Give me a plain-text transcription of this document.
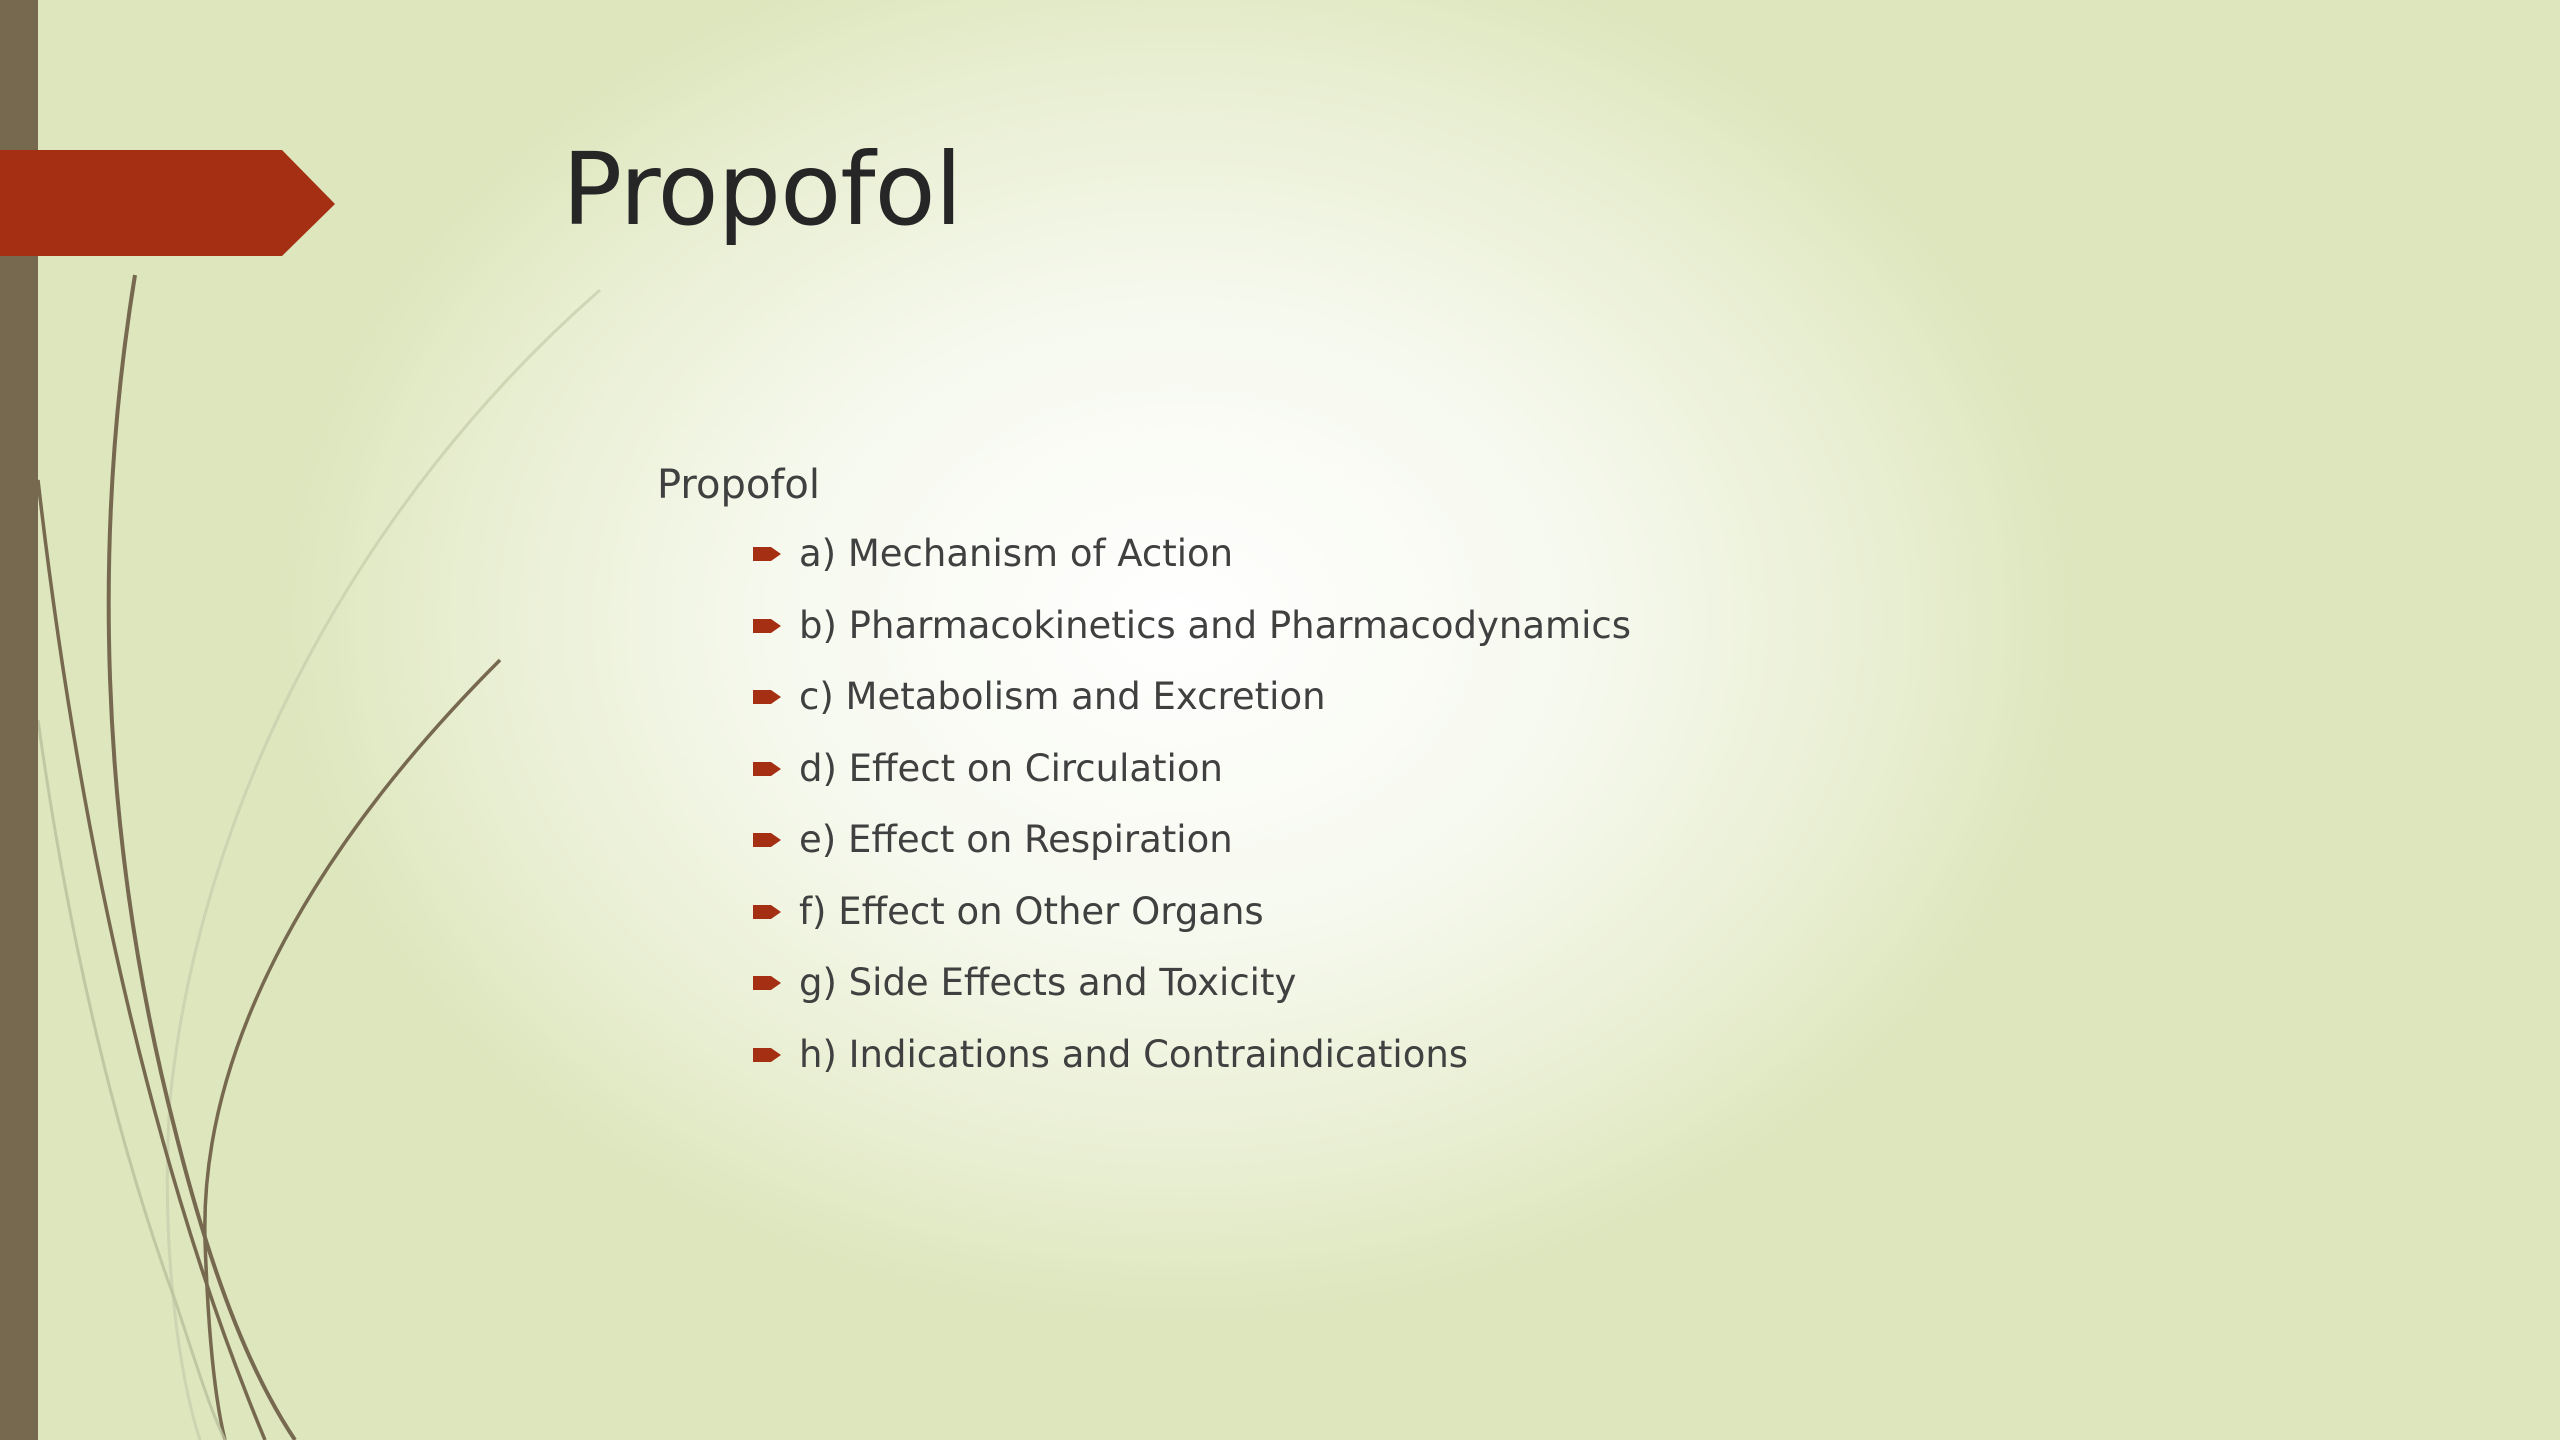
Propofol
Propofol
a) Mechanism of Action
b) Pharmacokinetics and Pharmacodynamics
c) Metabolism and Excretion
d) Effect on Circulation
e) Effect on Respiration
f) Effect on Other Organs
g) Side Effects and Toxicity
h) Indications and Contraindications
